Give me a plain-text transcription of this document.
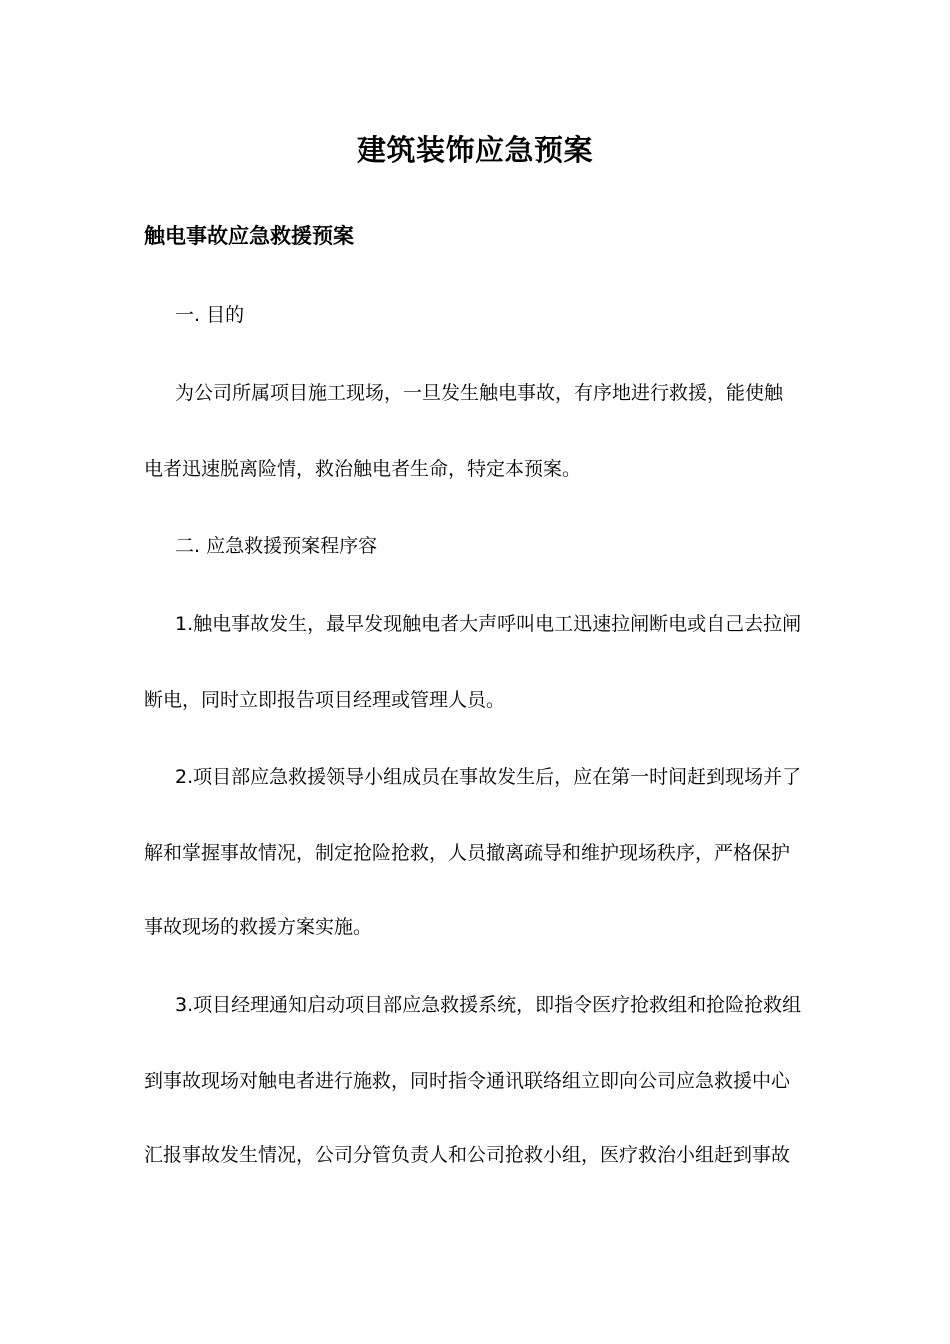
建筑装饰应急预案
触电事故应急救援预案
一. 目的
为公司所属项目施工现场，一旦发生触电事故，有序地进行救援，能使触
电者迅速脱离险情，救治触电者生命，特定本预案。
二. 应急救援预案程序容
1.触电事故发生，最早发现触电者大声呼叫电工迅速拉闸断电或自己去拉闸
断电，同时立即报告项目经理或管理人员。
2.项目部应急救援领导小组成员在事故发生后，应在第一时间赶到现场并了
解和掌握事故情况，制定抢险抢救，人员撤离疏导和维护现场秩序，严格保护
事故现场的救援方案实施。
3.项目经理通知启动项目部应急救援系统，即指令医疗抢救组和抢险抢救组
到事故现场对触电者进行施救，同时指令通讯联络组立即向公司应急救援中心
汇报事故发生情况，公司分管负责人和公司抢救小组，医疗救治小组赶到事故
